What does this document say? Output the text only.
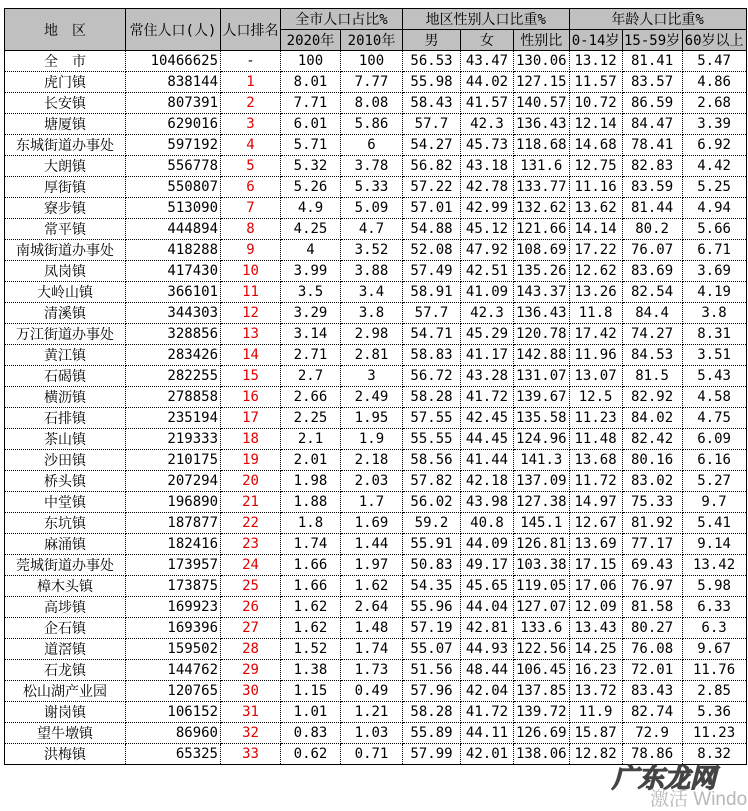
地　区	常住人口(人)	人口排名	全市人口占比%		地区性别人口比重%			年龄人口比重%		
			2020年	2010年	男	女	性别比	0-14岁	15-59岁	60岁以上
全　市	10466625	-	100	100	56.53	43.47	130.06	13.12	81.41	5.47
虎门镇	838144	1	8.01	7.77	55.98	44.02	127.15	11.57	83.57	4.86
长安镇	807391	2	7.71	8.08	58.43	41.57	140.57	10.72	86.59	2.68
塘厦镇	629016	3	6.01	5.86	57.7	42.3	136.43	12.14	84.47	3.39
东城街道办事处	597192	4	5.71	6	54.27	45.73	118.68	14.68	78.41	6.92
大朗镇	556778	5	5.32	3.78	56.82	43.18	131.6	12.75	82.83	4.42
厚街镇	550807	6	5.26	5.33	57.22	42.78	133.77	11.16	83.59	5.25
寮步镇	513090	7	4.9	5.09	57.01	42.99	132.62	13.62	81.44	4.94
常平镇	444894	8	4.25	4.7	54.88	45.12	121.66	14.14	80.2	5.66
南城街道办事处	418288	9	4	3.52	52.08	47.92	108.69	17.22	76.07	6.71
凤岗镇	417430	10	3.99	3.88	57.49	42.51	135.26	12.62	83.69	3.69
大岭山镇	366101	11	3.5	3.4	58.91	41.09	143.37	13.26	82.54	4.19
清溪镇	344303	12	3.29	3.8	57.7	42.3	136.43	11.8	84.4	3.8
万江街道办事处	328856	13	3.14	2.98	54.71	45.29	120.78	17.42	74.27	8.31
黄江镇	283426	14	2.71	2.81	58.83	41.17	142.88	11.96	84.53	3.51
石碣镇	282255	15	2.7	3	56.72	43.28	131.07	13.07	81.5	5.43
横沥镇	278858	16	2.66	2.49	58.28	41.72	139.67	12.5	82.92	4.58
石排镇	235194	17	2.25	1.95	57.55	42.45	135.58	11.23	84.02	4.75
茶山镇	219333	18	2.1	1.9	55.55	44.45	124.96	11.48	82.42	6.09
沙田镇	210175	19	2.01	2.18	58.56	41.44	141.3	13.68	80.16	6.16
桥头镇	207294	20	1.98	2.03	57.82	42.18	137.09	11.72	83.02	5.27
中堂镇	196890	21	1.88	1.7	56.02	43.98	127.38	14.97	75.33	9.7
东坑镇	187877	22	1.8	1.69	59.2	40.8	145.1	12.67	81.92	5.41
麻涌镇	182416	23	1.74	1.44	55.91	44.09	126.81	13.69	77.17	9.14
莞城街道办事处	173957	24	1.66	1.97	50.83	49.17	103.38	17.15	69.43	13.42
樟木头镇	173875	25	1.66	1.62	54.35	45.65	119.05	17.06	76.97	5.98
高埗镇	169923	26	1.62	2.64	55.96	44.04	127.07	12.09	81.58	6.33
企石镇	169396	27	1.62	1.48	57.19	42.81	133.6	13.43	80.27	6.3
道滘镇	159502	28	1.52	1.74	55.07	44.93	122.56	14.25	76.08	9.67
石龙镇	144762	29	1.38	1.73	51.56	48.44	106.45	16.23	72.01	11.76
松山湖产业园	120765	30	1.15	0.49	57.96	42.04	137.85	13.72	83.43	2.85
谢岗镇	106152	31	1.01	1.21	58.28	41.72	139.72	11.9	82.74	5.36
望牛墩镇	86960	32	0.83	1.03	55.89	44.11	126.69	15.87	72.9	11.23
洪梅镇	65325	33	0.62	0.71	57.99	42.01	138.06	12.82	78.86	8.32
广东龙网
激活 Windo
